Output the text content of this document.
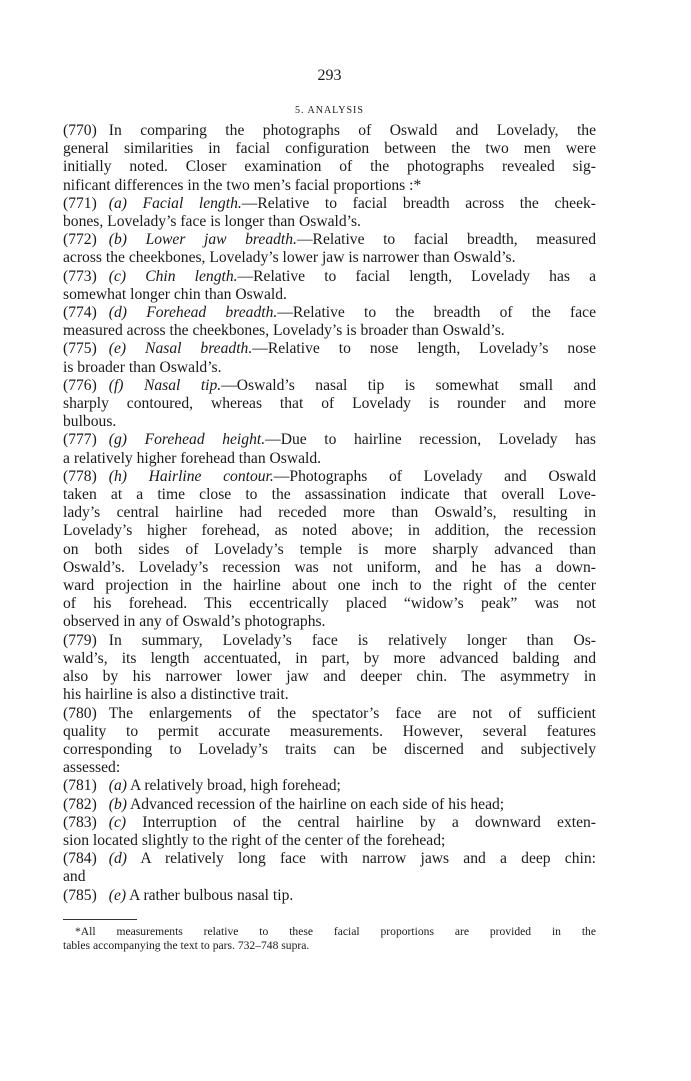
293
5. ANALYSIS
(770) In comparing the photographs of Oswald and Lovelady, the
general similarities in facial configuration between the two men were
initially noted. Closer examination of the photographs revealed sig-
nificant differences in the two men’s facial proportions :*
(771) (a) Facial length.—Relative to facial breadth across the cheek-
bones, Lovelady’s face is longer than Oswald’s.
(772) (b) Lower jaw breadth.—Relative to facial breadth, measured
across the cheekbones, Lovelady’s lower jaw is narrower than Oswald’s.
(773) (c) Chin length.—Relative to facial length, Lovelady has a
somewhat longer chin than Oswald.
(774) (d) Forehead breadth.—Relative to the breadth of the face
measured across the cheekbones, Lovelady’s is broader than Oswald’s.
(775) (e) Nasal breadth.—Relative to nose length, Lovelady’s nose
is broader than Oswald’s.
(776) (f) Nasal tip.—Oswald’s nasal tip is somewhat small and
sharply contoured, whereas that of Lovelady is rounder and more
bulbous.
(777) (g) Forehead height.—Due to hairline recession, Lovelady has
a relatively higher forehead than Oswald.
(778) (h) Hairline contour.—Photographs of Lovelady and Oswald
taken at a time close to the assassination indicate that overall Love-
lady’s central hairline had receded more than Oswald’s, resulting in
Lovelady’s higher forehead, as noted above; in addition, the recession
on both sides of Lovelady’s temple is more sharply advanced than
Oswald’s. Lovelady’s recession was not uniform, and he has a down-
ward projection in the hairline about one inch to the right of the center
of his forehead. This eccentrically placed “widow’s peak” was not
observed in any of Oswald’s photographs.
(779) In summary, Lovelady’s face is relatively longer than Os-
wald’s, its length accentuated, in part, by more advanced balding and
also by his narrower lower jaw and deeper chin. The asymmetry in
his hairline is also a distinctive trait.
(780) The enlargements of the spectator’s face are not of sufficient
quality to permit accurate measurements. However, several features
corresponding to Lovelady’s traits can be discerned and subjectively
assessed:
(781) (a) A relatively broad, high forehead;
(782) (b) Advanced recession of the hairline on each side of his head;
(783) (c) Interruption of the central hairline by a downward exten-
sion located slightly to the right of the center of the forehead;
(784) (d) A relatively long face with narrow jaws and a deep chin:
and
(785) (e) A rather bulbous nasal tip.
*All measurements relative to these facial proportions are provided in the
tables accompanying the text to pars. 732–748 supra.
